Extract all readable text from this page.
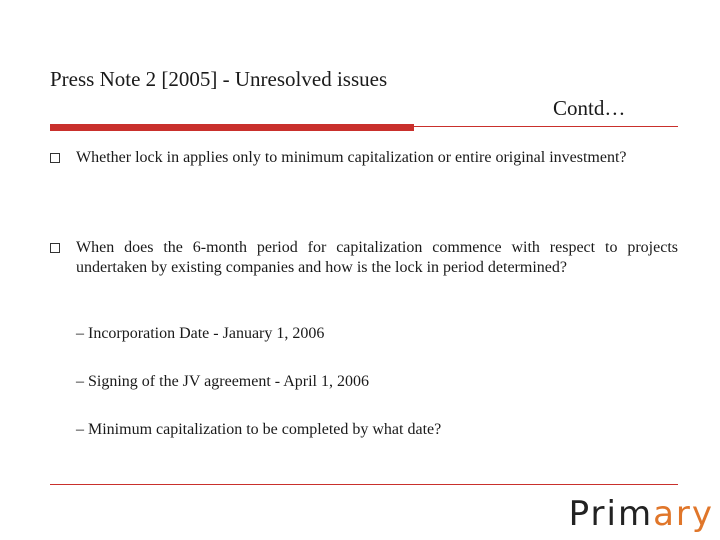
Press Note 2 [2005] - Unresolved issues
Contd…
Whether lock in applies only to minimum capitalization or entire original investment?
When does the 6-month period for capitalization commence with respect to projects undertaken by existing companies and how is the lock in period determined?
– Incorporation Date - January 1, 2006
– Signing of the JV agreement - April 1, 2006
– Minimum capitalization to be completed by what date?
Primary
